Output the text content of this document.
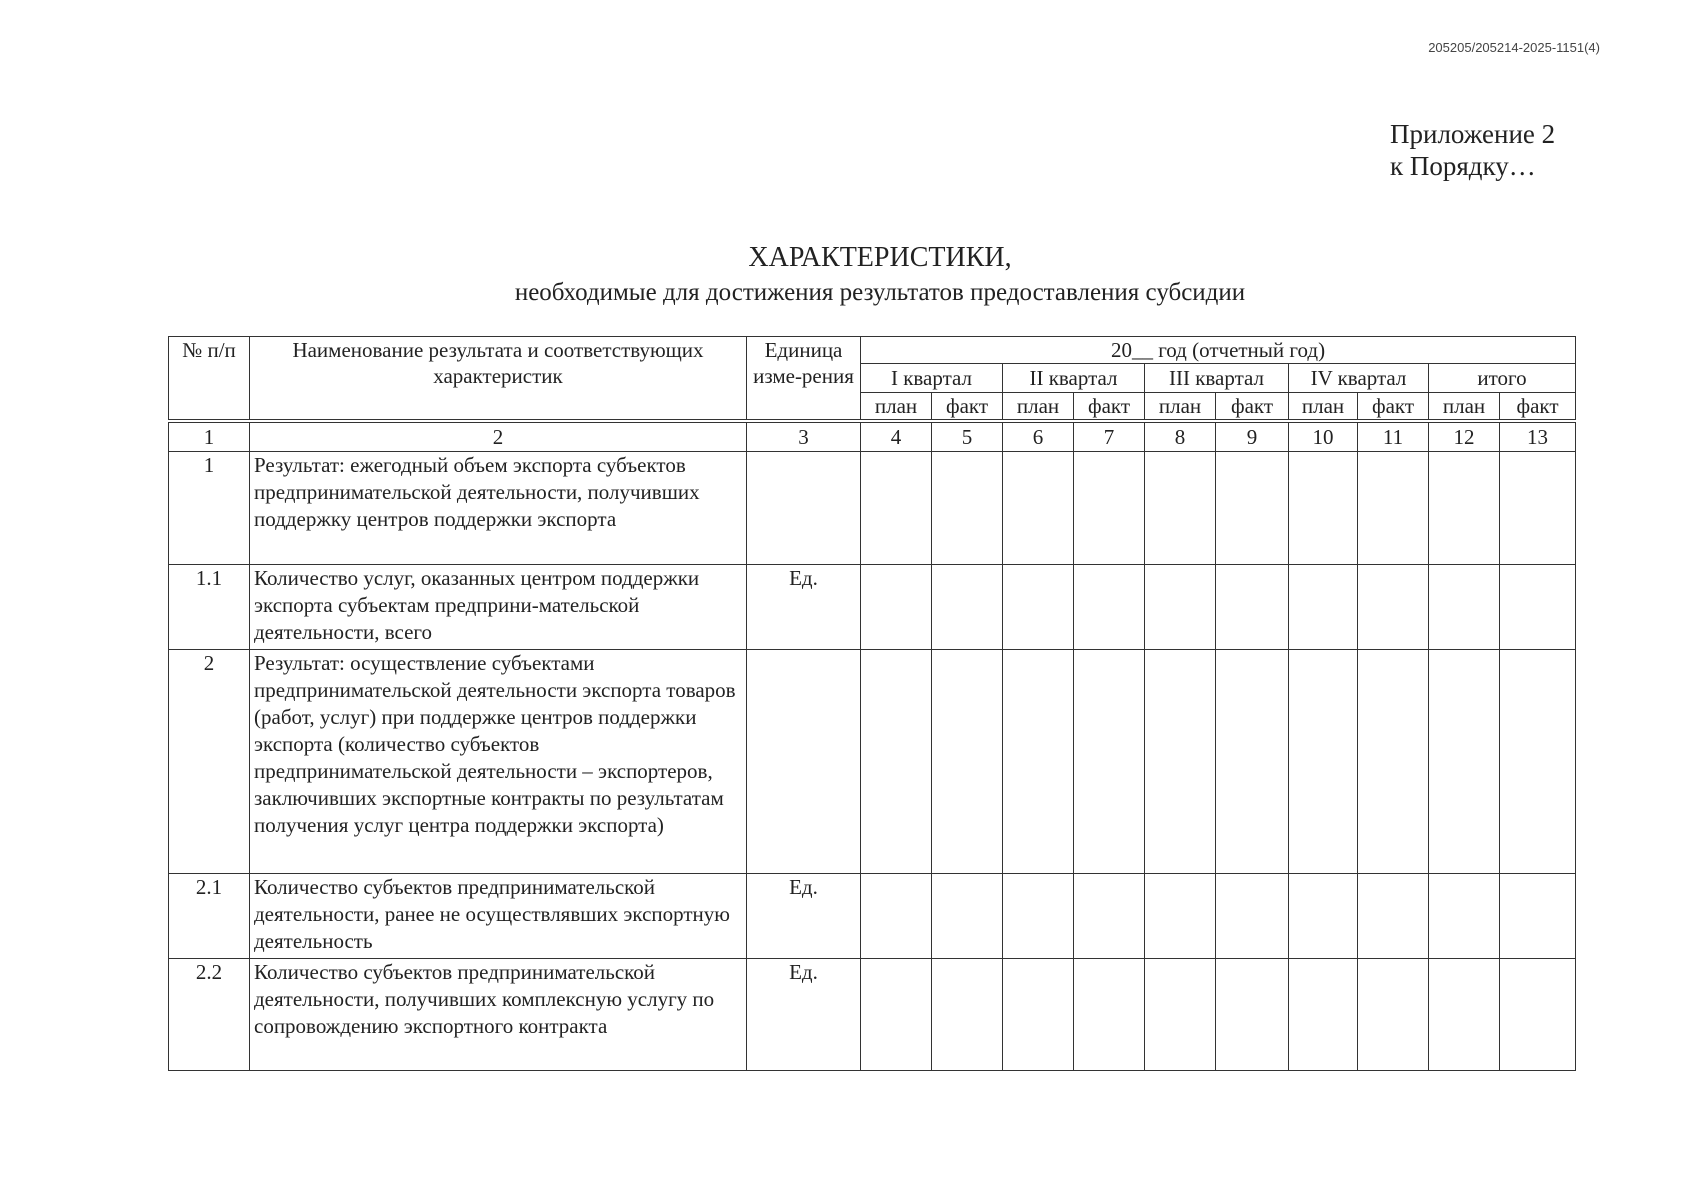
205205/205214-2025-1151(4)
Приложение 2
к Порядку…
ХАРАКТЕРИСТИКИ,
необходимые для достижения результатов предоставления субсидии
№ п/п	Наименование результата и соответствующих характеристик	Единица изме-рения	20__ год (отчетный год)									
			I квартал		II квартал		III квартал		IV квартал		итого	
			план	факт	план	факт	план	факт	план	факт	план	факт
1	2	3	4	5	6	7	8	9	10	11	12	13
1	Результат: ежегодный объем экспорта субъектов предпринимательской деятельности, получивших поддержку центров поддержки экспорта											
1.1	Количество услуг, оказанных центром поддержки экспорта субъектам предприни-мательской деятельности, всего	Ед.										
2	Результат: осуществление субъектами предпринимательской деятельности экспорта товаров (работ, услуг) при поддержке центров поддержки экспорта (количество субъектов предпринимательской деятельности – экспортеров, заключивших экспортные контракты по результатам получения услуг центра поддержки экспорта)											
2.1	Количество субъектов предпринимательской деятельности, ранее не осуществлявших экспортную деятельность	Ед.										
2.2	Количество субъектов предпринимательской деятельности, получивших комплексную услугу по сопровождению экспортного контракта	Ед.										
